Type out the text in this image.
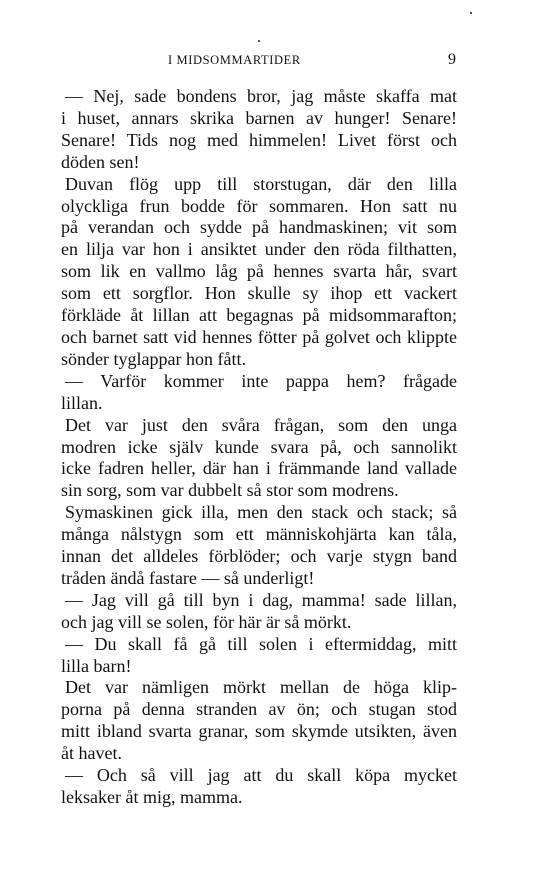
I MIDSOMMARTIDER	9
— Nej, sade bondens bror, jag måste skaffa mat
i huset, annars skrika barnen av hunger! Senare!
Senare! Tids nog med himmelen! Livet först och
döden sen!
Duvan flög upp till storstugan, där den lilla
olyckliga frun bodde för sommaren. Hon satt nu
på verandan och sydde på handmaskinen; vit som
en lilja var hon i ansiktet under den röda filthatten,
som lik en vallmo låg på hennes svarta hår, svart
som ett sorgflor. Hon skulle sy ihop ett vackert
förkläde åt lillan att begagnas på midsommarafton;
och barnet satt vid hennes fötter på golvet och klippte
sönder tyglappar hon fått.
— Varför kommer inte pappa hem? frågade
lillan.
Det var just den svåra frågan, som den unga
modren icke själv kunde svara på, och sannolikt
icke fadren heller, där han i främmande land vallade
sin sorg, som var dubbelt så stor som modrens.
Symaskinen gick illa, men den stack och stack; så
många nålstygn som ett människohjärta kan tåla,
innan det alldeles förblöder; och varje stygn band
tråden ändå fastare — så underligt!
— Jag vill gå till byn i dag, mamma! sade lillan,
och jag vill se solen, för här är så mörkt.
— Du skall få gå till solen i eftermiddag, mitt
lilla barn!
Det var nämligen mörkt mellan de höga klip-
porna på denna stranden av ön; och stugan stod
mitt ibland svarta granar, som skymde utsikten, även
åt havet.
— Och så vill jag att du skall köpa mycket
leksaker åt mig, mamma.
